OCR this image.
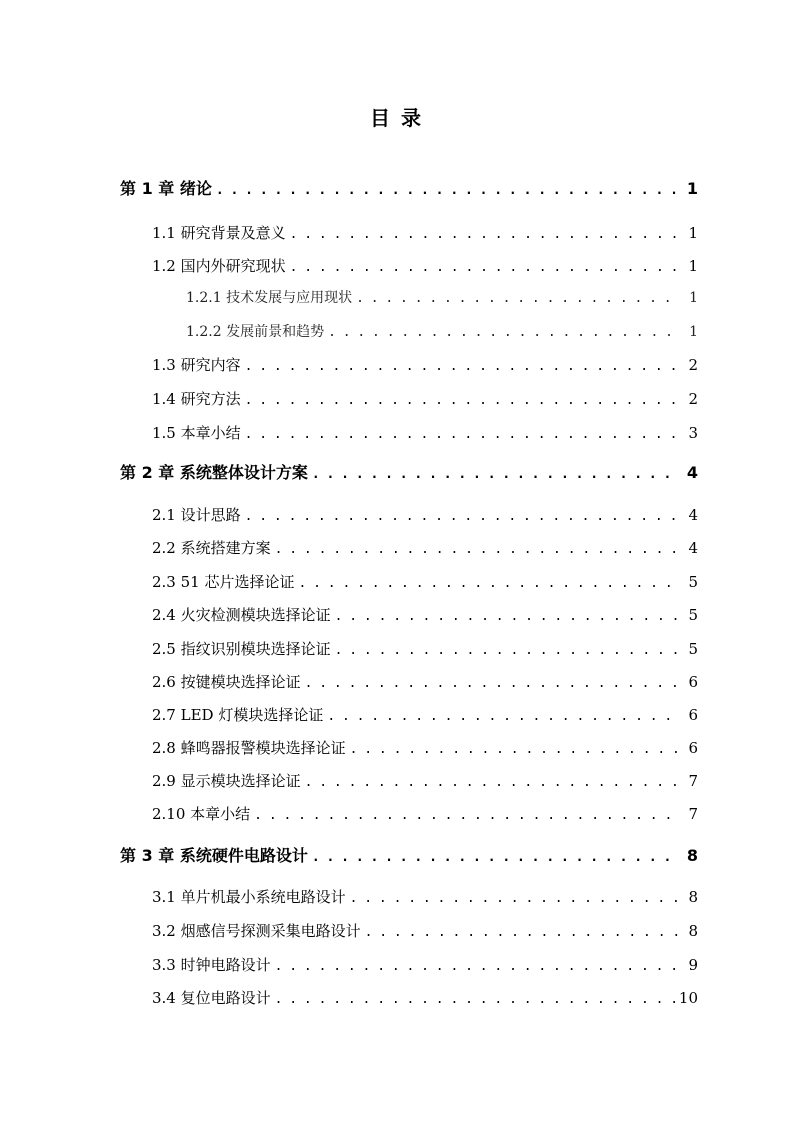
目 录
第 1 章 绪论 . . .	1
1.1 研究背景及意义 . . .	1
1.2 国内外研究现状 . . .	1
1.2.1 技术发展与应用现状 . . .	1
1.2.2 发展前景和趋势 . . .	1
1.3 研究内容 . . .	2
1.4 研究方法 . . .	2
1.5 本章小结 . . .	3
第 2 章 系统整体设计方案 . . .	4
2.1 设计思路 . . .	4
2.2 系统搭建方案 . . .	4
2.3 51 芯片选择论证 . . .	5
2.4 火灾检测模块选择论证 . . .	5
2.5 指纹识别模块选择论证 . . .	5
2.6 按键模块选择论证 . . .	6
2.7 LED 灯模块选择论证 . . .	6
2.8 蜂鸣器报警模块选择论证 . . .	6
2.9 显示模块选择论证 . . .	7
2.10 本章小结 . . .	7
第 3 章 系统硬件电路设计 . . .	8
3.1 单片机最小系统电路设计 . . .	8
3.2 烟感信号探测采集电路设计 . . .	8
3.3 时钟电路设计 . . .	9
3.4 复位电路设计 . . .	10
